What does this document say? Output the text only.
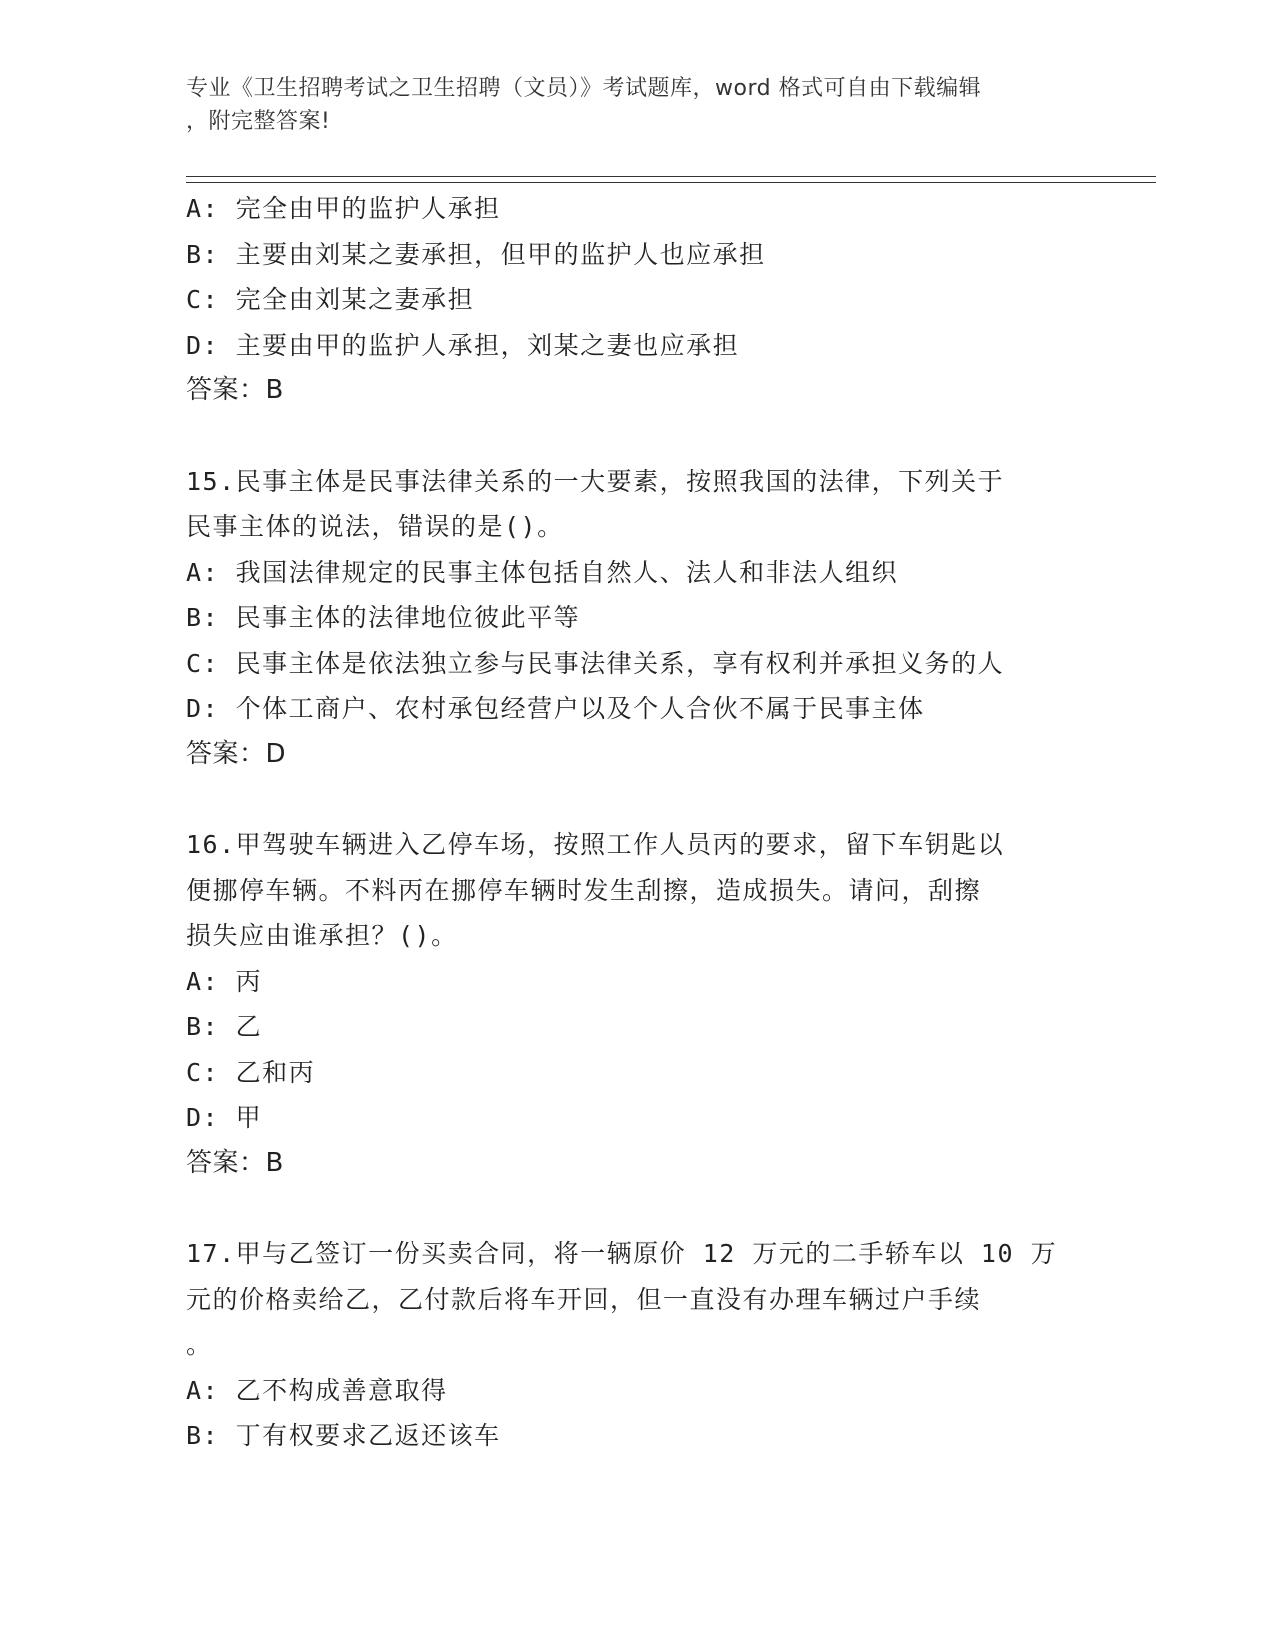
专业《卫生招聘考试之卫生招聘（文员）》考试题库，word 格式可自由下载编辑
，附完整答案!

A: 完全由甲的监护人承担

B: 主要由刘某之妻承担，但甲的监护人也应承担

C: 完全由刘某之妻承担

D: 主要由甲的监护人承担，刘某之妻也应承担

答案：B

15.民事主体是民事法律关系的一大要素，按照我国的法律，下列关于

民事主体的说法，错误的是()。

A: 我国法律规定的民事主体包括自然人、法人和非法人组织

B: 民事主体的法律地位彼此平等

C: 民事主体是依法独立参与民事法律关系，享有权利并承担义务的人

D: 个体工商户、农村承包经营户以及个人合伙不属于民事主体

答案：D

16.甲驾驶车辆进入乙停车场，按照工作人员丙的要求，留下车钥匙以

便挪停车辆。不料丙在挪停车辆时发生刮擦，造成损失。请问，刮擦

损失应由谁承担？()。

A: 丙

B: 乙

C: 乙和丙

D: 甲

答案：B

17.甲与乙签订一份买卖合同，将一辆原价 12 万元的二手轿车以 10 万

元的价格卖给乙，乙付款后将车开回，但一直没有办理车辆过户手续

。

A: 乙不构成善意取得

B: 丁有权要求乙返还该车
